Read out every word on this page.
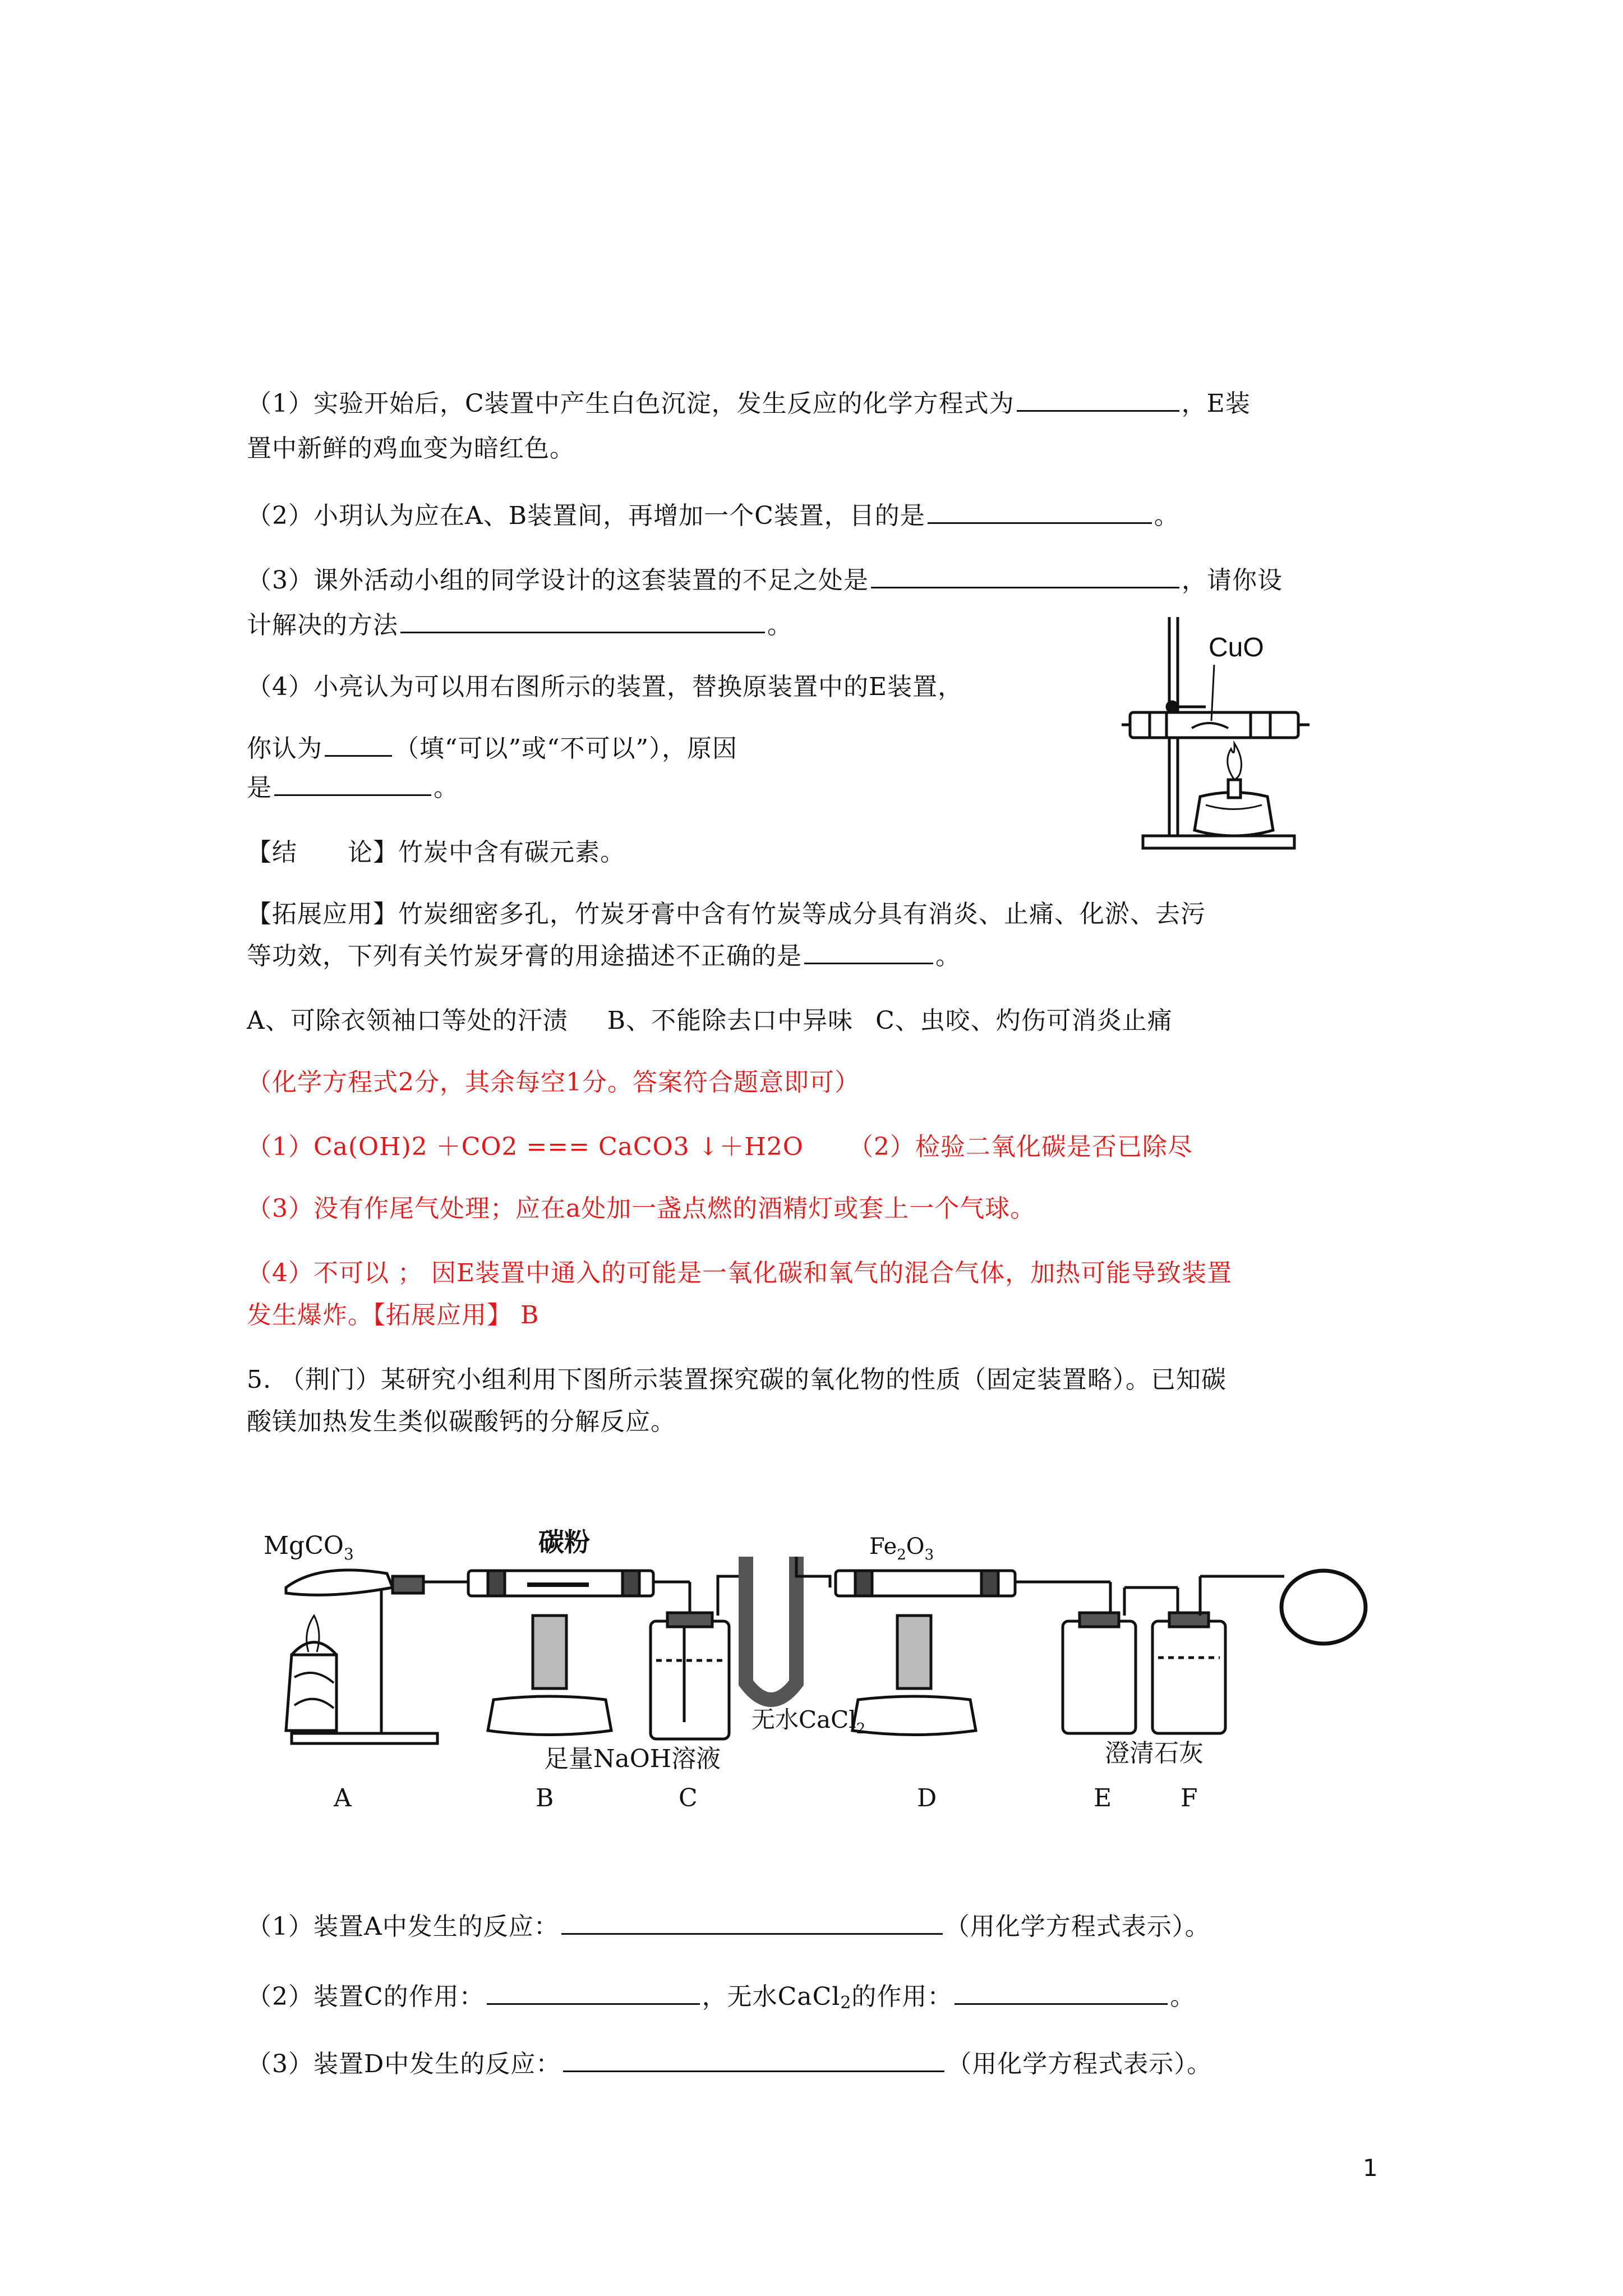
（1）实验开始后，C装置中产生白色沉淀，发生反应的化学方程式为	，E装
置中新鲜的鸡血变为暗红色。
（2）小玥认为应在A、B装置间，再增加一个C装置，目的是	。
（3）课外活动小组的同学设计的这套装置的不足之处是	，请你设
计解决的方法	。
（4）小亮认为可以用右图所示的装置，替换原装置中的E装置，
你认为	（填“可以”或“不可以”），原因
是	。
CuO
【结 论】竹炭中含有碳元素。
【拓展应用】竹炭细密多孔，竹炭牙膏中含有竹炭等成分具有消炎、止痛、化淤、去污
等功效，下列有关竹炭牙膏的用途描述不正确的是	。
A、可除衣领袖口等处的汗渍 B、不能除去口中异味 C、虫咬、灼伤可消炎止痛
（化学方程式2分，其余每空1分。答案符合题意即可）
（1）Ca(OH)2 ＋CO2 === CaCO3 ↓＋H2O （2）检验二氧化碳是否已除尽
（3）没有作尾气处理；应在a处加一盏点燃的酒精灯或套上一个气球。
（4）不可以 ； 因E装置中通入的可能是一氧化碳和氧气的混合气体，加热可能导致装置
发生爆炸。【拓展应用】 B
5. （荆门）某研究小组利用下图所示装置探究碳的氧化物的性质（固定装置略）。已知碳
酸镁加热发生类似碳酸钙的分解反应。
MgCO$_3$	碳粉	$Fe_2O_3$
无水CaCl$_2$
足量NaOH溶液	澄清石灰
A	B	C	D	E	F
（1）装置A中发生的反应：	（用化学方程式表示）。
（2）装置C的作用：	，无水CaCl$_2$的作用：	。
（3）装置D中发生的反应：	（用化学方程式表示）。
1
